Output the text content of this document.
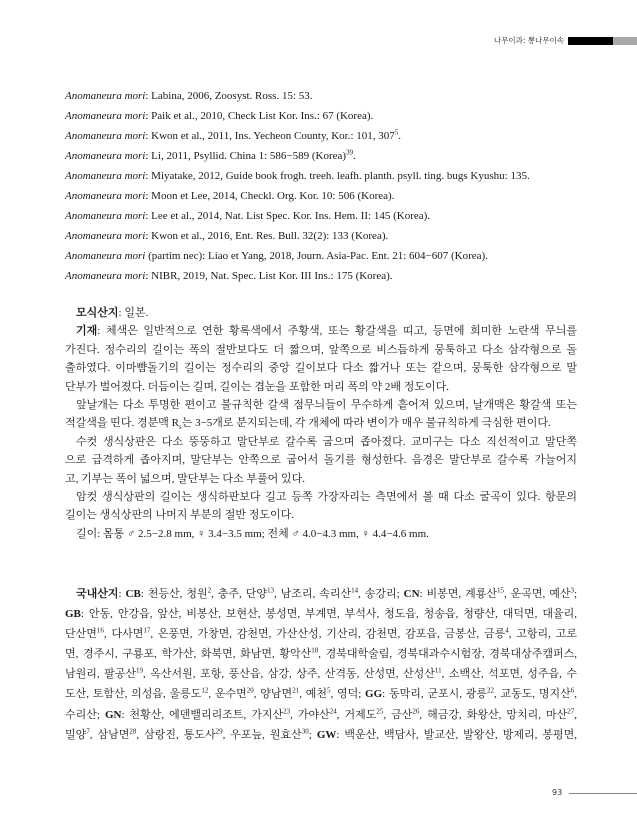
나무이과: 뽕나무이속
Anomaneura mori: Labina, 2006, Zoosyst. Ross. 15: 53.
Anomaneura mori: Paik et al., 2010, Check List Kor. Ins.: 67 (Korea).
Anomaneura mori: Kwon et al., 2011, Ins. Yecheon County, Kor.: 101, $307^5$.
Anomaneura mori: Li, 2011, Psyllid. China 1: 586−589 (Korea)$^{39}$.
Anomaneura mori: Miyatake, 2012, Guide book frogh. treeh. leafh. planth. psyll. ting. bugs Kyushu: 135.
Anomaneura mori: Moon et Lee, 2014, Checkl. Org. Kor. 10: 506 (Korea).
Anomaneura mori: Lee et al., 2014, Nat. List Spec. Kor. Ins. Hem. II: 145 (Korea).
Anomaneura mori: Kwon et al., 2016, Ent. Res. Bull. 32(2): 133 (Korea).
Anomaneura mori (partim nec): Liao et Yang, 2018, Journ. Asia-Pac. Ent. 21: 604−607 (Korea).
Anomaneura mori: NIBR, 2019, Nat. Spec. List Kor. III Ins.: 175 (Korea).
모식산지: 일본.
기재: 체색은 일반적으로 연한 황록색에서 주황색, 또는 황갈색을 띠고, 등면에 희미한 노란색 무늬를
가진다. 정수리의 길이는 폭의 절반보다도 더 짧으며, 앞쪽으로 비스듬하게 뭉툭하고 다소 삼각형으로 돌
출하였다. 이마뺨돌기의 길이는 정수리의 중앙 길이보다 다소 짧거나 또는 같으며, 뭉툭한 삼각형으로 말
단부가 벌어졌다. 더듬이는 길며, 길이는 겹눈을 포함한 머리 폭의 약 2배 정도이다.
앞날개는 다소 투명한 편이고 불규칙한 갈색 점무늬들이 무수하게 흩어져 있으며, 날개맥은 황갈색 또는
적갈색을 띤다. 경분맥 $R_s$는 3−5개로 분지되는데, 각 개체에 따라 변이가 매우 불규칙하게 극심한 편이다.
수컷 생식상판은 다소 뚱뚱하고 말단부로 갈수록 굽으며 좁아졌다. 교미구는 다소 직선적이고 말단쪽
으로 급격하게 좁아지며, 말단부는 안쪽으로 굽어서 돌기를 형성한다. 음경은 말단부로 갈수록 가늘어지
고, 기부는 폭이 넓으며, 말단부는 다소 부풀어 있다.
암컷 생식상판의 길이는 생식하판보다 길고 등쪽 가장자리는 측면에서 볼 때 다소 굴곡이 있다. 항문의
길이는 생식상판의 나머지 부분의 절반 정도이다.
길이: 몸통 ♂ 2.5−2.8 mm, ♀ 3.4−3.5 mm; 전체 ♂ 4.0−4.3 mm, ♀ 4.4−4.6 mm.
국내산지: CB: 천등산, 청원$^2$, 충주, 단양$^{13}$, 남조리, 속리산$^{14}$, 송강리; CN: 비봉면, 계룡산$^{15}$, 운곡면, 예산$^3$;
GB: 안동, 안강읍, 앞산, 비봉산, 보현산, 봉성면, 부계면, 부석사, 청도읍, 청송읍, 청량산, 대덕면, 대율리,
단산면$^{16}$, 다사면$^{17}$, 은풍면, 가창면, 감천면, 가산산성, 기산리, 감천면, 감포읍, 금봉산, 금릉$^4$, 고항리, 고로
면, 경주시, 구룡포, 학가산, 화북면, 화남면, 황악산$^{18}$, 경북대학술림, 경북대과수시험장, 경북대상주캠퍼스,
남원리, 팔공산$^{19}$, 옥산서원, 포항, 풍산읍, 삼강, 상주, 산격동, 산성면, 산성산$^{11}$, 소백산, 석포면, 성주읍, 수
도산, 토함산, 의성읍, 울릉도$^{12}$, 운수면$^{20}$, 양남면$^{21}$, 예천$^5$, 영덕; GG: 동막리, 군포시, 광릉$^{22}$, 교동도, 명지산$^6$,
수리산; GN: 천황산, 에덴밸리리조트, 가지산$^{23}$, 가야산$^{24}$, 거제도$^{25}$, 금산$^{26}$, 해금강, 화왕산, 망치리, 마산$^{27}$,
밀양$^7$, 삼남면$^{28}$, 삼랑진, 통도사$^{29}$, 우포늪, 원효산$^{30}$; GW: 백운산, 백담사, 발교산, 발왕산, 방제리, 봉평면,
93
